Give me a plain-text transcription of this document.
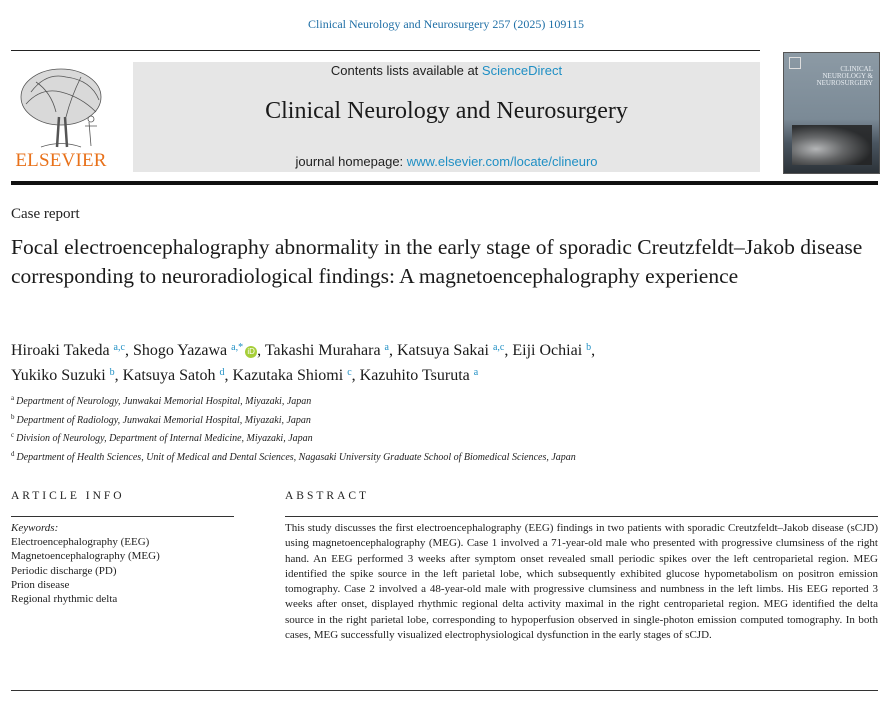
Clinical Neurology and Neurosurgery 257 (2025) 109115
ELSEVIER
Contents lists available at ScienceDirect
Clinical Neurology and Neurosurgery
journal homepage: www.elsevier.com/locate/clineuro
CLINICAL
NEUROLOGY &
NEUROSURGERY
Case report
Focal electroencephalography abnormality in the early stage of sporadic Creutzfeldt–Jakob disease corresponding to neuroradiological findings: A magnetoencephalography experience
Hiroaki Takeda $^{a,c}$, Shogo Yazawa $^{a,*}$ iD , Takashi Murahara $^a$, Katsuya Sakai $^{a,c}$, Eiji Ochiai $^b$,
Yukiko Suzuki $^b$, Katsuya Satoh $^d$, Kazutaka Shiomi $^c$, Kazuhito Tsuruta $^a$
$^a$ Department of Neurology, Junwakai Memorial Hospital, Miyazaki, Japan
$^b$ Department of Radiology, Junwakai Memorial Hospital, Miyazaki, Japan
$^c$ Division of Neurology, Department of Internal Medicine, Miyazaki, Japan
$^d$ Department of Health Sciences, Unit of Medical and Dental Sciences, Nagasaki University Graduate School of Biomedical Sciences, Japan
ARTICLE INFO	ABSTRACT
Keywords:
Electroencephalography (EEG)
Magnetoencephalography (MEG)
Periodic discharge (PD)
Prion disease
Regional rhythmic delta
This study discusses the first electroencephalography (EEG) findings in two patients with sporadic Creutzfeldt–Jakob disease (sCJD) using magnetoencephalography (MEG). Case 1 involved a 71-year-old male who presented with progressive clumsiness of the right hand. An EEG performed 3 weeks after symptom onset revealed small periodic spikes over the left centroparietal region. MEG identified the spike source in the left parietal lobe, which subsequently exhibited glucose hypometabolism on positron emission tomography. Case 2 involved a 48-year-old male with progressive clumsiness and numbness in the left limbs. His EEG reported 3 weeks after onset, displayed rhythmic regional delta activity maximal in the right centroparietal region. MEG identified the delta source in the right parietal lobe, corresponding to hypoperfusion observed in single-photon emission computed tomography. In both cases, MEG successfully visualized electrophysiological dysfunction in the early stages of sCJD.
